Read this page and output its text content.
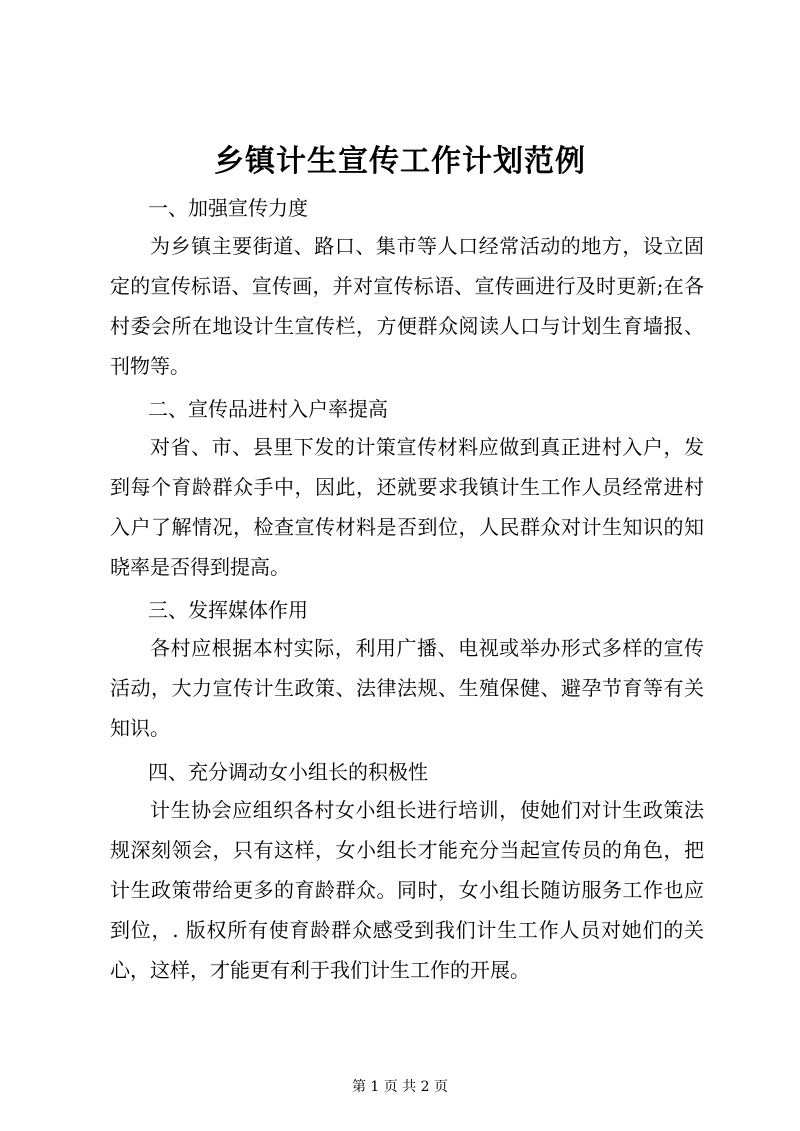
乡镇计生宣传工作计划范例
一、加强宣传力度
为乡镇主要街道、路口、集市等人口经常活动的地方，设立固定的宣传标语、宣传画，并对宣传标语、宣传画进行及时更新;在各村委会所在地设计生宣传栏，方便群众阅读人口与计划生育墙报、刊物等。
二、宣传品进村入户率提高
对省、市、县里下发的计策宣传材料应做到真正进村入户，发到每个育龄群众手中，因此，还就要求我镇计生工作人员经常进村入户了解情况，检查宣传材料是否到位，人民群众对计生知识的知晓率是否得到提高。
三、发挥媒体作用
各村应根据本村实际，利用广播、电视或举办形式多样的宣传活动，大力宣传计生政策、法律法规、生殖保健、避孕节育等有关知识。
四、充分调动女小组长的积极性
计生协会应组织各村女小组长进行培训，使她们对计生政策法规深刻领会，只有这样，女小组长才能充分当起宣传员的角色，把计生政策带给更多的育龄群众。同时，女小组长随访服务工作也应到位，. 版权所有使育龄群众感受到我们计生工作人员对她们的关心，这样，才能更有利于我们计生工作的开展。
第 1 页 共 2 页
